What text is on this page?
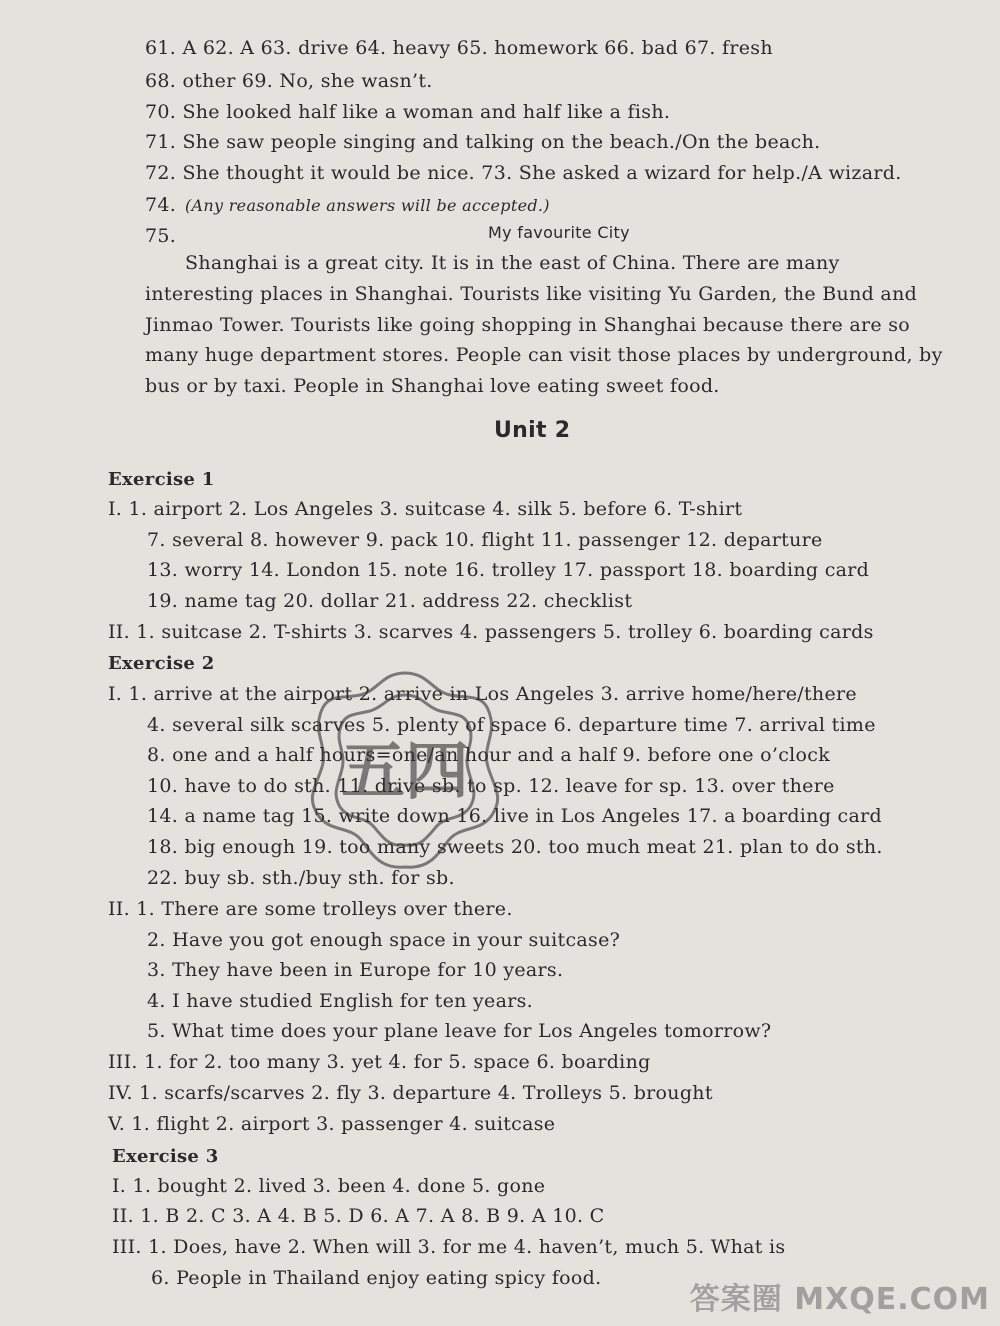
61. A 62. A 63. drive 64. heavy 65. homework 66. bad 67. fresh
68. other 69. No, she wasn’t.
70. She looked half like a woman and half like a fish.
71. She saw people singing and talking on the beach./On the beach.
72. She thought it would be nice. 73. She asked a wizard for help./A wizard.
74. (Any reasonable answers will be accepted.)
75.	My favourite City
Shanghai is a great city. It is in the east of China. There are many
interesting places in Shanghai. Tourists like visiting Yu Garden, the Bund and
Jinmao Tower. Tourists like going shopping in Shanghai because there are so
many huge department stores. People can visit those places by underground, by
bus or by taxi. People in Shanghai love eating sweet food.
Unit 2
Exercise 1
I. 1. airport 2. Los Angeles 3. suitcase 4. silk 5. before 6. T-shirt
7. several 8. however 9. pack 10. flight 11. passenger 12. departure
13. worry 14. London 15. note 16. trolley 17. passport 18. boarding card
19. name tag 20. dollar 21. address 22. checklist
II. 1. suitcase 2. T-shirts 3. scarves 4. passengers 5. trolley 6. boarding cards
Exercise 2
I. 1. arrive at the airport 2. arrive in Los Angeles 3. arrive home/here/there
4. several silk scarves 5. plenty of space 6. departure time 7. arrival time
8. one and a half hours=one/an hour and a half 9. before one o’clock
10. have to do sth. 11. drive sb. to sp. 12. leave for sp. 13. over there
14. a name tag 15. write down 16. live in Los Angeles 17. a boarding card
18. big enough 19. too many sweets 20. too much meat 21. plan to do sth.
22. buy sb. sth./buy sth. for sb.
II. 1. There are some trolleys over there.
2. Have you got enough space in your suitcase?
3. They have been in Europe for 10 years.
4. I have studied English for ten years.
5. What time does your plane leave for Los Angeles tomorrow?
III. 1. for 2. too many 3. yet 4. for 5. space 6. boarding
IV. 1. scarfs/scarves 2. fly 3. departure 4. Trolleys 5. brought
V. 1. flight 2. airport 3. passenger 4. suitcase
Exercise 3
I. 1. bought 2. lived 3. been 4. done 5. gone
II. 1. B 2. C 3. A 4. B 5. D 6. A 7. A 8. B 9. A 10. C
III. 1. Does, have 2. When will 3. for me 4. haven’t, much 5. What is
6. People in Thailand enjoy eating spicy food.
五四
答案圈 MXQE.COM
